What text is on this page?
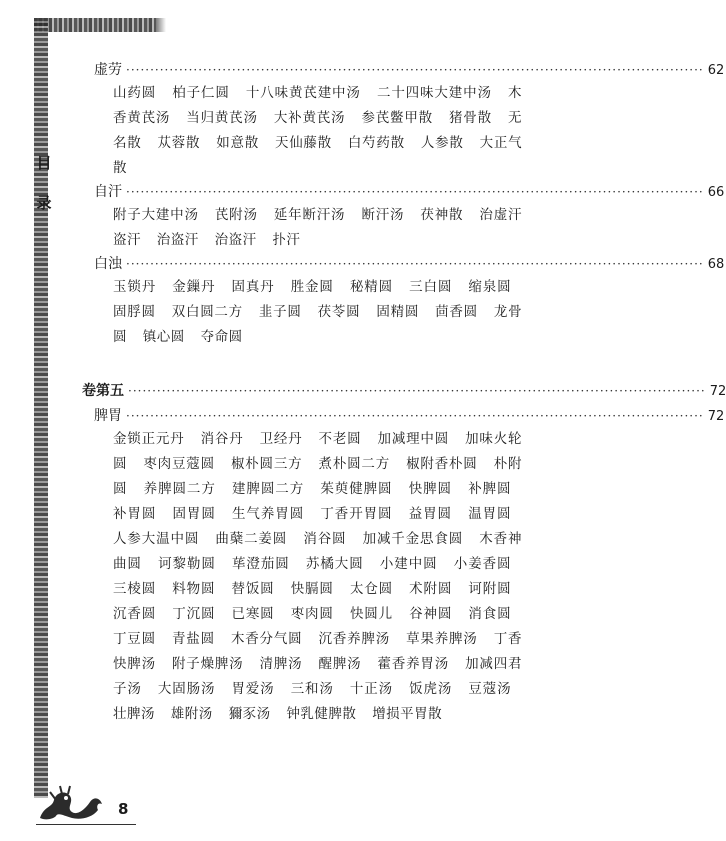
目
录
虚劳 ························································································································ 62
山药圆 柏子仁圆 十八味黄芪建中汤 二十四味大建中汤 木香黄芪汤 当归黄芪汤 大补黄芪汤 参芪鳖甲散 猪骨散 无名散 苁蓉散 如意散 天仙藤散 白芍药散 人参散 大正气散
自汗 ························································································································ 66
附子大建中汤 芪附汤 延年断汗汤 断汗汤 茯神散 治虚汗盗汗 治盗汗 治盗汗 扑汗
白浊 ························································································································ 68
玉锁丹 金鏁丹 固真丹 胜金圆 秘精圆 三白圆 缩泉圆 固脬圆 双白圆二方 韭子圆 茯苓圆 固精圆 茴香圆 龙骨圆 镇心圆 夺命圆
卷第五 ························································································································ 72
脾胃 ························································································································ 72
金锁正元丹 消谷丹 卫经丹 不老圆 加减理中圆 加味火轮圆 枣肉豆蔻圆 椒朴圆三方 煮朴圆二方 椒附香朴圆 朴附圆 养脾圆二方 建脾圆二方 茱萸健脾圆 快脾圆 补脾圆 补胃圆 固胃圆 生气养胃圆 丁香开胃圆 益胃圆 温胃圆 人参大温中圆 曲蘖二姜圆 消谷圆 加减千金思食圆 木香神曲圆 诃黎勒圆 荜澄茄圆 苏橘大圆 小建中圆 小姜香圆 三棱圆 料物圆 替饭圆 快膈圆 太仓圆 术附圆 诃附圆 沉香圆 丁沉圆 已寒圆 枣肉圆 快圆儿 谷神圆 消食圆 丁豆圆 青盐圆 木香分气圆 沉香养脾汤 草果养脾汤 丁香快脾汤 附子燥脾汤 清脾汤 醒脾汤 藿香养胃汤 加减四君子汤 大固肠汤 胃爱汤 三和汤 十正汤 饭虎汤 豆蔻汤 壮脾汤 雄附汤 獮豕汤 钟乳健脾散 增损平胃散
8
